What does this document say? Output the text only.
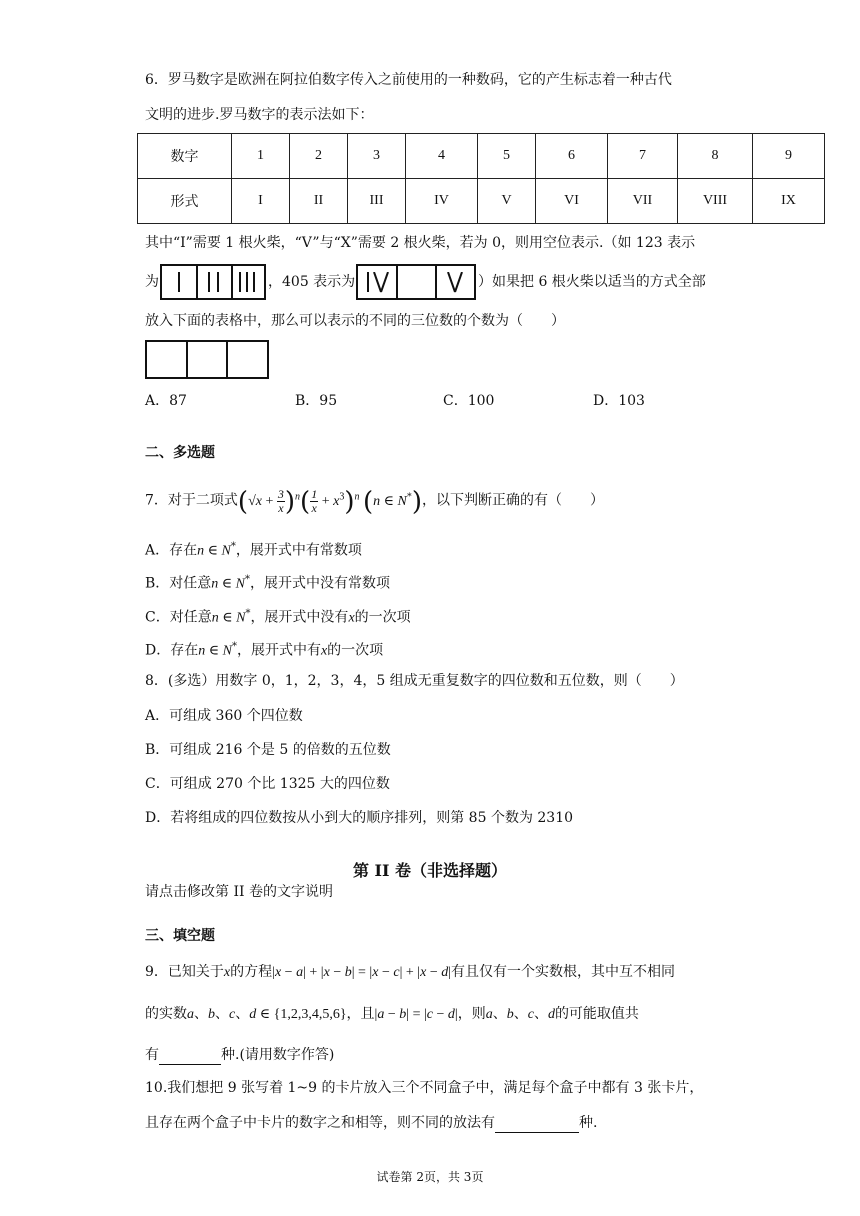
6．罗马数字是欧洲在阿拉伯数字传入之前使用的一种数码，它的产生标志着一种古代
文明的进步.罗马数字的表示法如下：
数字	1	2	3	4	5	6	7	8	9
形式	I	II	III	IV	V	VI	VII	VIII	IX
其中“I”需要 1 根火柴，“V”与“X”需要 2 根火柴，若为 0，则用空位表示.（如 123 表示
为	，405 表示为	）如果把 6 根火柴以适当的方式全部
放入下面的表格中，那么可以表示的不同的三位数的个数为（　　）
A．87	B．95	C．100	D．103
二、多选题
7．对于二项式$(√x + \frac{3}{x} )^n( \frac{1}{x} + x^3)^n$ (n ∈ N*)，以下判断正确的有（　　）
A．存在n ∈ N*，展开式中有常数项
B．对任意n ∈ N*，展开式中没有常数项
C．对任意n ∈ N*，展开式中没有x的一次项
D．存在n ∈ N*，展开式中有x的一次项
8．(多选）用数字 0，1，2，3，4，5 组成无重复数字的四位数和五位数，则（　　）
A．可组成 360 个四位数
B．可组成 216 个是 5 的倍数的五位数
C．可组成 270 个比 1325 大的四位数
D．若将组成的四位数按从小到大的顺序排列，则第 85 个数为 2310
第 II 卷（非选择题）
请点击修改第 II 卷的文字说明
三、填空题
9．已知关于x的方程|x − a| + |x − b| = |x − c| + |x − d|有且仅有一个实数根，其中互不相同
的实数a、b、c、d ∈ {1,2,3,4,5,6}，且|a − b| = |c − d|，则a、b、c、d的可能取值共
有	种.(请用数字作答)
10.我们想把 9 张写着 1~9 的卡片放入三个不同盒子中，满足每个盒子中都有 3 张卡片，
且存在两个盒子中卡片的数字之和相等，则不同的放法有	种.
试卷第 2页，共 3页
